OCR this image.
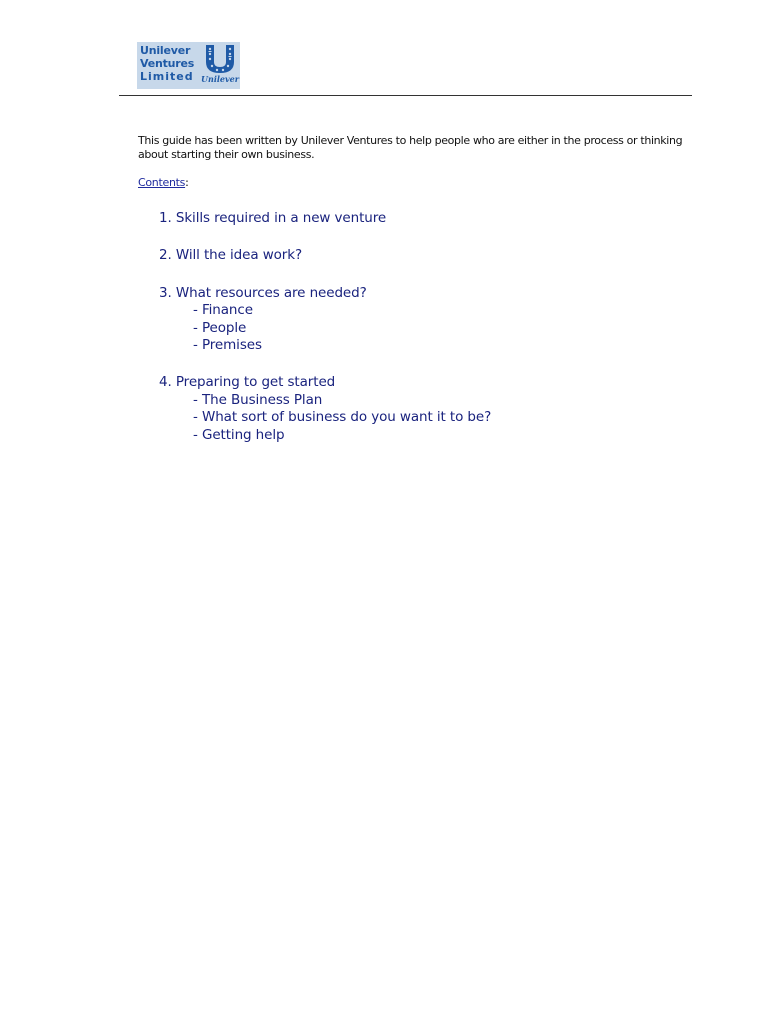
Unilever
Ventures
Limited Unilever

This guide has been written by Unilever Ventures to help people who are either in the process or thinking about starting their own business.

Contents:
1. Skills required in a new venture
2. Will the idea work?
3. What resources are needed?
- Finance
- People
- Premises
4. Preparing to get started
- The Business Plan
- What sort of business do you want it to be?
- Getting help
